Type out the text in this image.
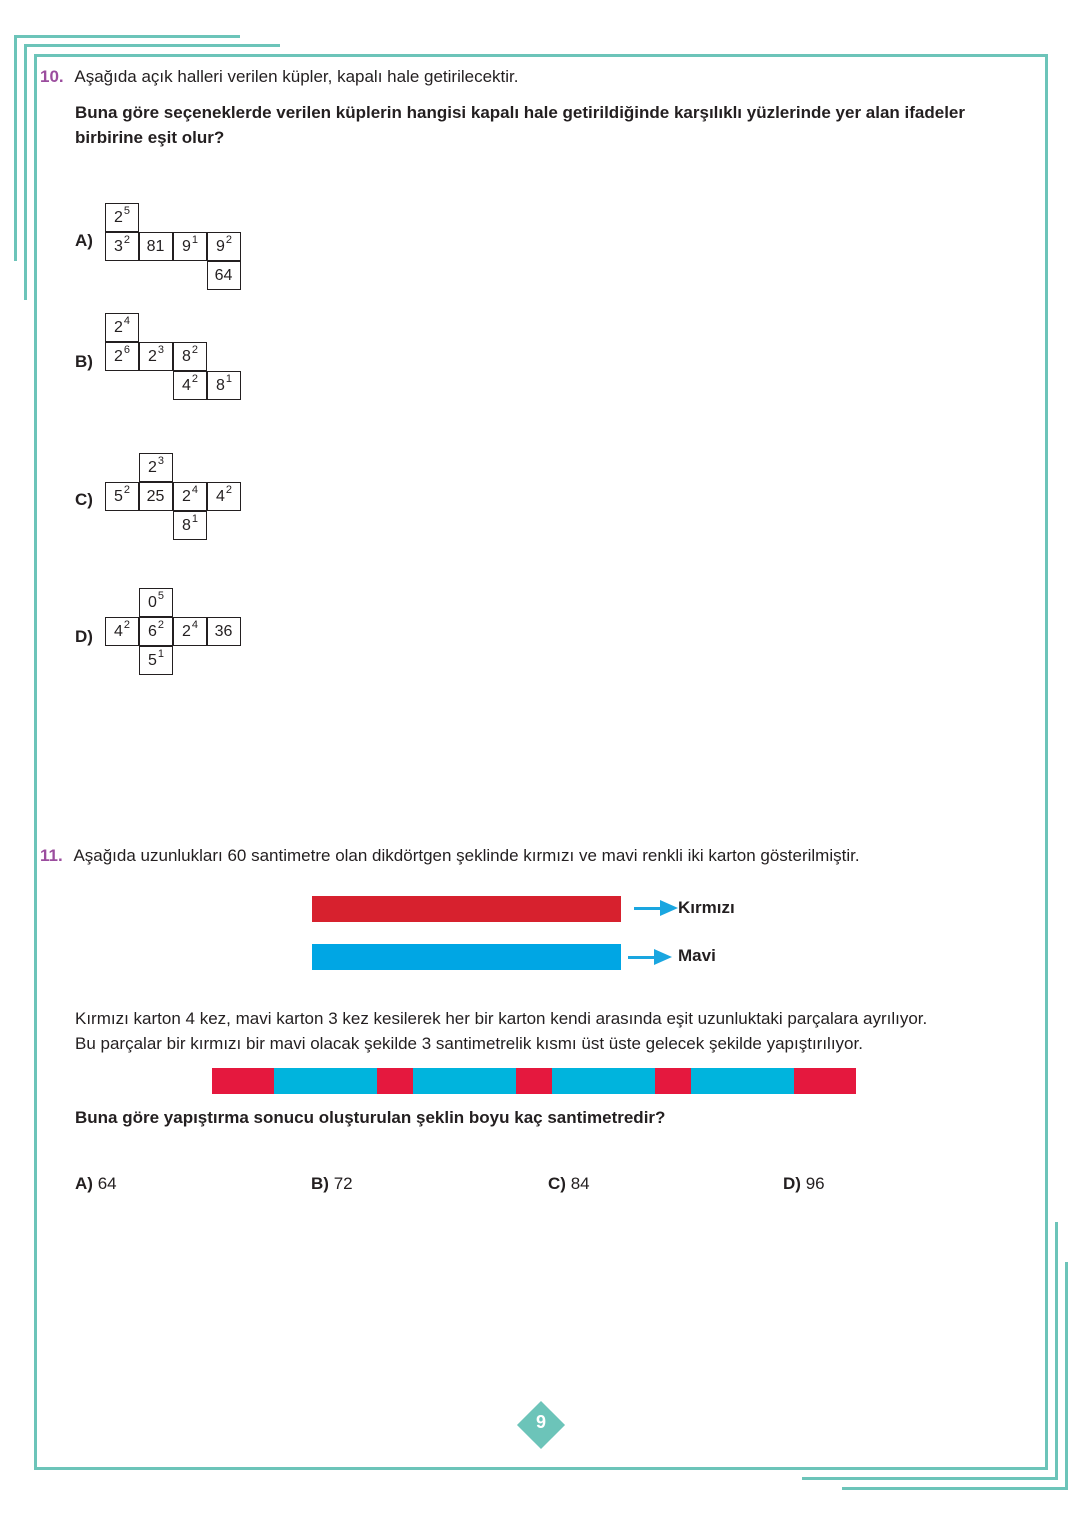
10. Aşağıda açık halleri verilen küpler, kapalı hale getirilecektir.
Buna göre seçeneklerde verilen küplerin hangisi kapalı hale getirildiğinde karşılıklı yüzlerinde yer alan ifadeler
birbirine eşit olur?
A)
$2^5$
$3^2$ 81 $9^1$ $9^2$
64
B)
$2^4$
$2^6$ $2^3$ $8^2$
$4^2$ $8^1$
C)
$2^3$
$5^2$ 25 $2^4$ $4^2$
$8^1$
D)
$0^5$
$4^2$ $6^2$ $2^4$ 36
$5^1$
11. Aşağıda uzunlukları 60 santimetre olan dikdörtgen şeklinde kırmızı ve mavi renkli iki karton gösterilmiştir.
Kırmızı
Mavi
Kırmızı karton 4 kez, mavi karton 3 kez kesilerek her bir karton kendi arasında eşit uzunluktaki parçalara ayrılıyor.
Bu parçalar bir kırmızı bir mavi olacak şekilde 3 santimetrelik kısmı üst üste gelecek şekilde yapıştırılıyor.
Buna göre yapıştırma sonucu oluşturulan şeklin boyu kaç santimetredir?
A) 64	B) 72	C) 84	D) 96
9
